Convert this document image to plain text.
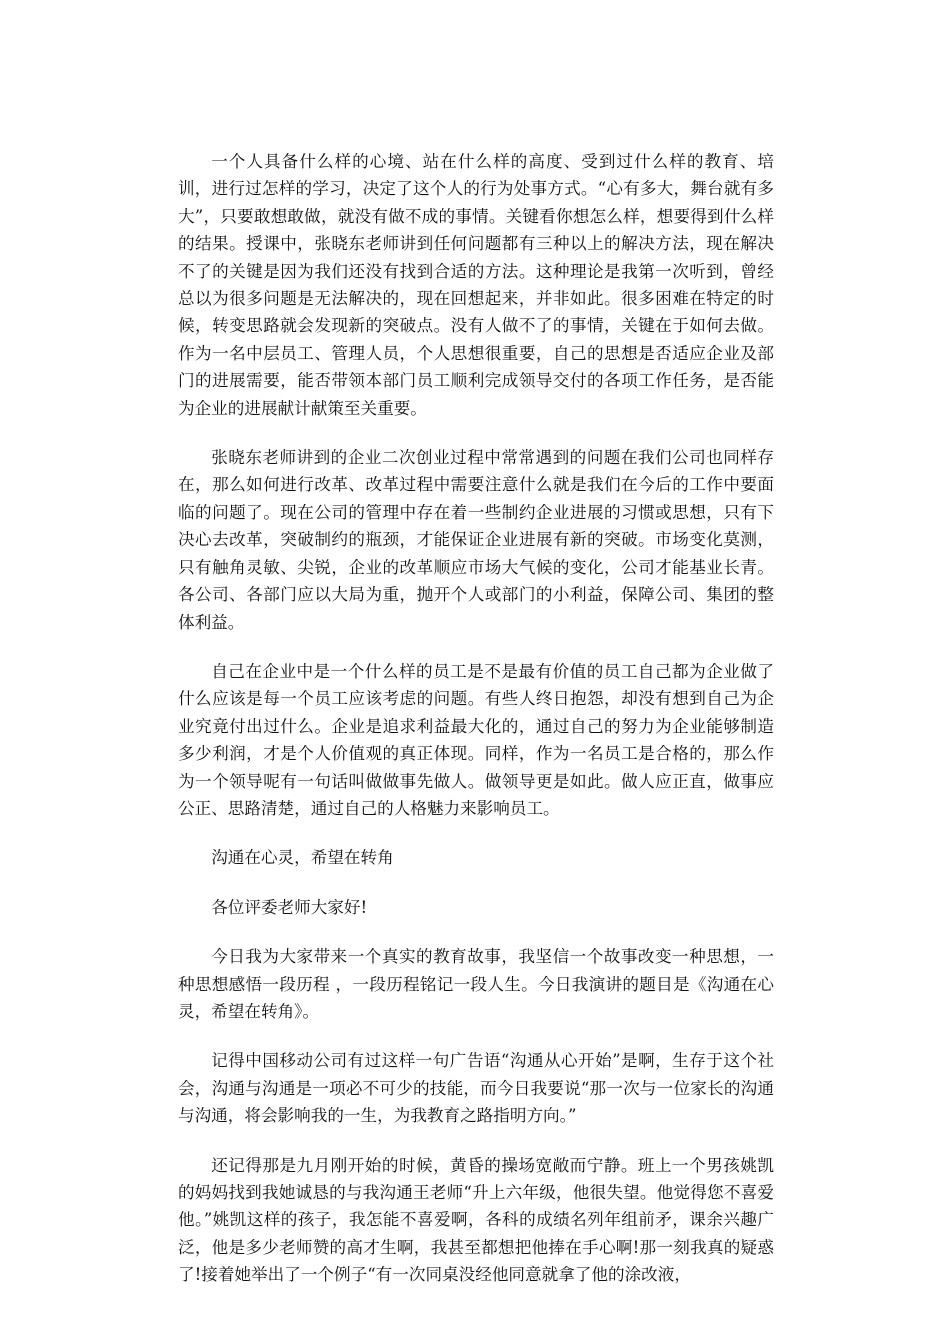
一个人具备什么样的心境、站在什么样的高度、受到过什么样的教育、培训，进行过怎样的学习，决定了这个人的行为处事方式。“心有多大，舞台就有多大”，只要敢想敢做，就没有做不成的事情。关键看你想怎么样，想要得到什么样的结果。授课中，张晓东老师讲到任何问题都有三种以上的解决方法，现在解决不了的关键是因为我们还没有找到合适的方法。这种理论是我第一次听到，曾经总以为很多问题是无法解决的，现在回想起来，并非如此。很多困难在特定的时候，转变思路就会发现新的突破点。没有人做不了的事情，关键在于如何去做。作为一名中层员工、管理人员，个人思想很重要，自己的思想是否适应企业及部门的进展需要，能否带领本部门员工顺利完成领导交付的各项工作任务，是否能为企业的进展献计献策至关重要。

张晓东老师讲到的企业二次创业过程中常常遇到的问题在我们公司也同样存在，那么如何进行改革、改革过程中需要注意什么就是我们在今后的工作中要面临的问题了。现在公司的管理中存在着一些制约企业进展的习惯或思想，只有下决心去改革，突破制约的瓶颈，才能保证企业进展有新的突破。市场变化莫测，只有触角灵敏、尖锐，企业的改革顺应市场大气候的变化，公司才能基业长青。各公司、各部门应以大局为重，抛开个人或部门的小利益，保障公司、集团的整体利益。

自己在企业中是一个什么样的员工是不是最有价值的员工自己都为企业做了什么应该是每一个员工应该考虑的问题。有些人终日抱怨，却没有想到自己为企业究竟付出过什么。企业是追求利益最大化的，通过自己的努力为企业能够制造多少利润，才是个人价值观的真正体现。同样，作为一名员工是合格的，那么作为一个领导呢有一句话叫做做事先做人。做领导更是如此。做人应正直，做事应公正、思路清楚，通过自己的人格魅力来影响员工。

沟通在心灵，希望在转角

各位评委老师大家好!

今日我为大家带来一个真实的教育故事，我坚信一个故事改变一种思想，一种思想感悟一段历程 ，一段历程铭记一段人生。今日我演讲的题目是《沟通在心灵，希望在转角》。

记得中国移动公司有过这样一句广告语“沟通从心开始”是啊，生存于这个社会，沟通与沟通是一项必不可少的技能，而今日我要说“那一次与一位家长的沟通与沟通，将会影响我的一生，为我教育之路指明方向。”

还记得那是九月刚开始的时候，黄昏的操场宽敞而宁静。班上一个男孩姚凯的妈妈找到我她诚恳的与我沟通王老师“升上六年级，他很失望。他觉得您不喜爱他。”姚凯这样的孩子，我怎能不喜爱啊，各科的成绩名列年组前矛，课余兴趣广泛，他是多少老师赞的高才生啊，我甚至都想把他捧在手心啊!那一刻我真的疑惑了!接着她举出了一个例子“有一次同桌没经他同意就拿了他的涂改液，
